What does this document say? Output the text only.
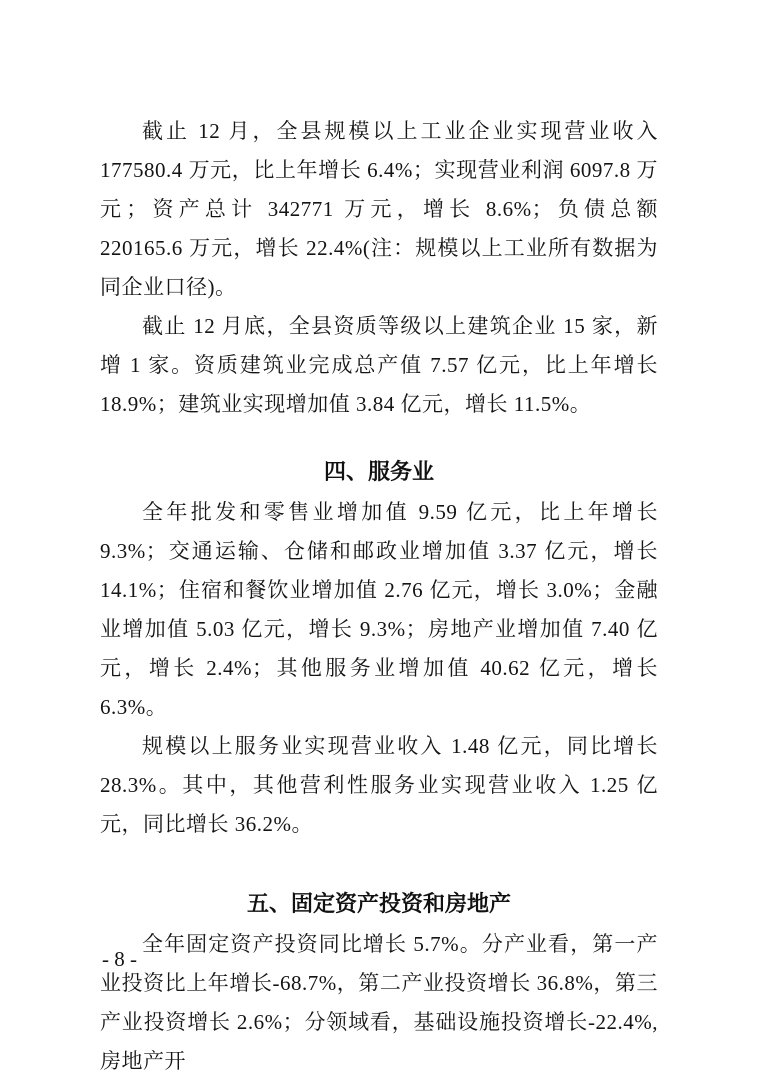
截止 12 月，全县规模以上工业企业实现营业收入 177580.4 万元，比上年增长 6.4%；实现营业利润 6097.8 万元；资产总计 342771 万元，增长 8.6%；负债总额 220165.6 万元，增长 22.4%(注：规模以上工业所有数据为同企业口径)。

截止 12 月底，全县资质等级以上建筑企业 15 家，新增 1 家。资质建筑业完成总产值 7.57 亿元，比上年增长 18.9%；建筑业实现增加值 3.84 亿元，增长 11.5%。

四、服务业

全年批发和零售业增加值 9.59 亿元，比上年增长 9.3%；交通运输、仓储和邮政业增加值 3.37 亿元，增长 14.1%；住宿和餐饮业增加值 2.76 亿元，增长 3.0%；金融业增加值 5.03 亿元，增长 9.3%；房地产业增加值 7.40 亿元，增长 2.4%；其他服务业增加值 40.62 亿元，增长 6.3%。

规模以上服务业实现营业收入 1.48 亿元，同比增长 28.3%。其中，其他营利性服务业实现营业收入 1.25 亿元，同比增长 36.2%。

五、固定资产投资和房地产

全年固定资产投资同比增长 5.7%。分产业看，第一产业投资比上年增长-68.7%，第二产业投资增长 36.8%，第三产业投资增长 2.6%；分领域看，基础设施投资增长-22.4%,房地产开

- 8 -
